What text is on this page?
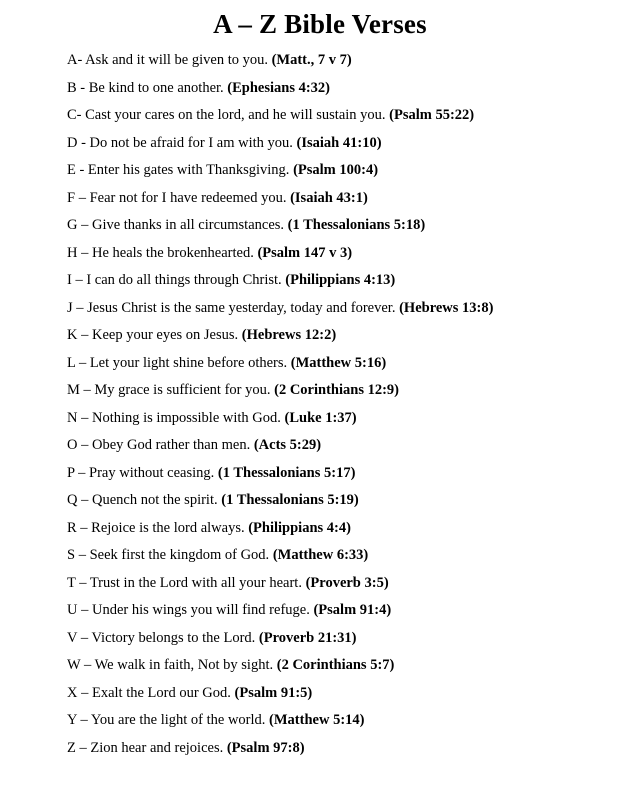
A – Z Bible Verses
A- Ask and it will be given to you. (Matt., 7 v 7)
B - Be kind to one another. (Ephesians 4:32)
C- Cast your cares on the lord, and he will sustain you. (Psalm 55:22)
D - Do not be afraid for I am with you. (Isaiah 41:10)
E - Enter his gates with Thanksgiving. (Psalm 100:4)
F – Fear not for I have redeemed you. (Isaiah 43:1)
G – Give thanks in all circumstances. (1 Thessalonians 5:18)
H – He heals the brokenhearted. (Psalm 147 v 3)
I – I can do all things through Christ. (Philippians 4:13)
J – Jesus Christ is the same yesterday, today and forever. (Hebrews 13:8)
K – Keep your eyes on Jesus. (Hebrews 12:2)
L – Let your light shine before others. (Matthew 5:16)
M – My grace is sufficient for you. (2 Corinthians 12:9)
N – Nothing is impossible with God. (Luke 1:37)
O – Obey God rather than men. (Acts 5:29)
P – Pray without ceasing. (1 Thessalonians 5:17)
Q – Quench not the spirit. (1 Thessalonians 5:19)
R – Rejoice is the lord always. (Philippians 4:4)
S – Seek first the kingdom of God. (Matthew 6:33)
T – Trust in the Lord with all your heart. (Proverb 3:5)
U – Under his wings you will find refuge. (Psalm 91:4)
V – Victory belongs to the Lord. (Proverb 21:31)
W – We walk in faith, Not by sight. (2 Corinthians 5:7)
X – Exalt the Lord our God. (Psalm 91:5)
Y – You are the light of the world. (Matthew 5:14)
Z – Zion hear and rejoices. (Psalm 97:8)
